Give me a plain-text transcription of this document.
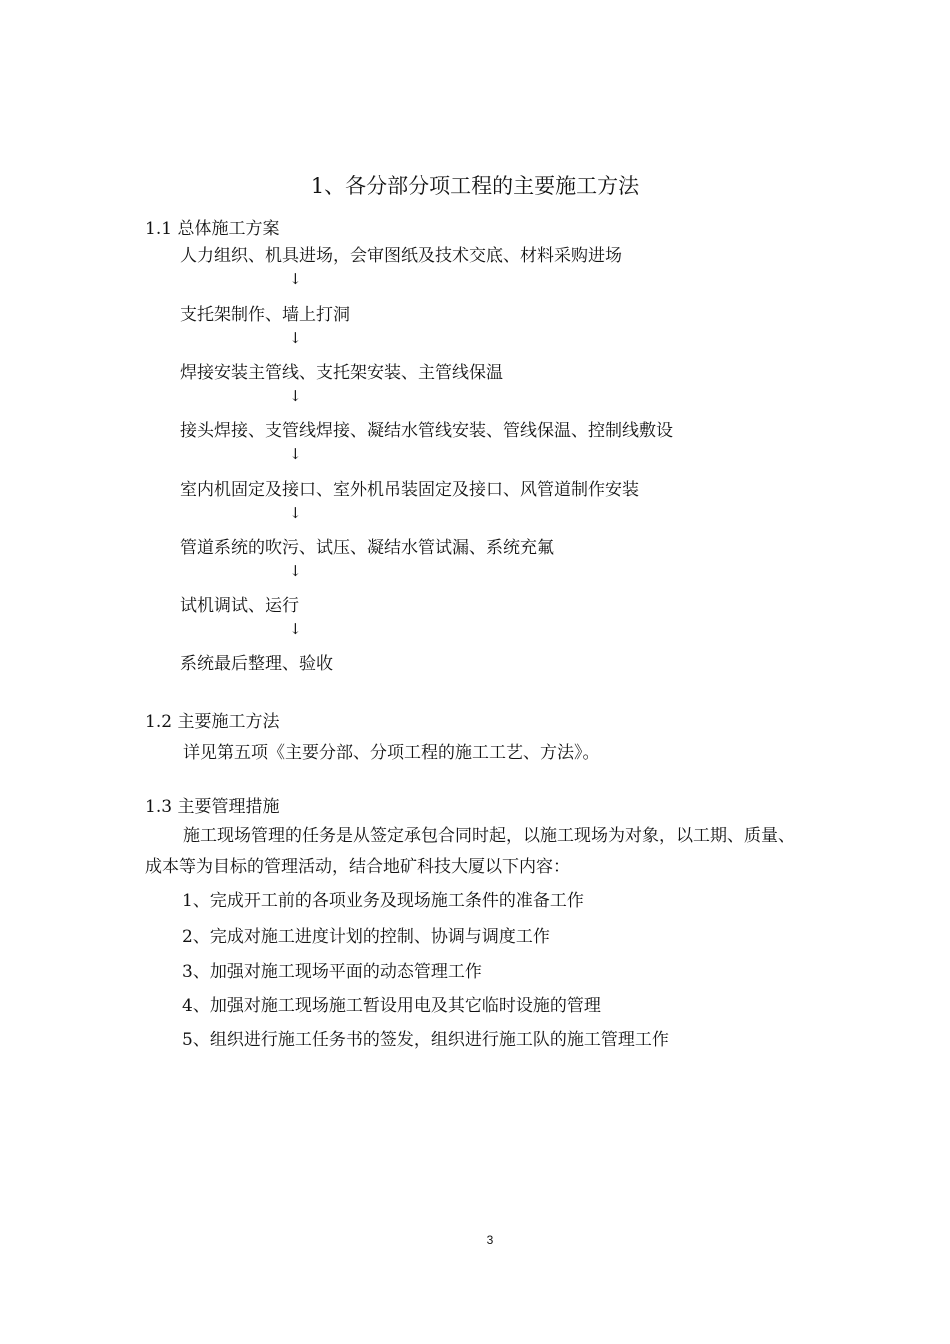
1、各分部分项工程的主要施工方法
1.1 总体施工方案
人力组织、机具进场，会审图纸及技术交底、材料采购进场
↓
支托架制作、墙上打洞
↓
焊接安装主管线、支托架安装、主管线保温
↓
接头焊接、支管线焊接、凝结水管线安装、管线保温、控制线敷设
↓
室内机固定及接口、室外机吊装固定及接口、风管道制作安装
↓
管道系统的吹污、试压、凝结水管试漏、系统充氟
↓
试机调试、运行
↓
系统最后整理、验收
1.2 主要施工方法
详见第五项《主要分部、分项工程的施工工艺、方法》。
1.3 主要管理措施
施工现场管理的任务是从签定承包合同时起，以施工现场为对象，以工期、质量、
成本等为目标的管理活动，结合地矿科技大厦以下内容：
1、完成开工前的各项业务及现场施工条件的准备工作
2、完成对施工进度计划的控制、协调与调度工作
3、加强对施工现场平面的动态管理工作
4、加强对施工现场施工暂设用电及其它临时设施的管理
5、组织进行施工任务书的签发，组织进行施工队的施工管理工作
3
